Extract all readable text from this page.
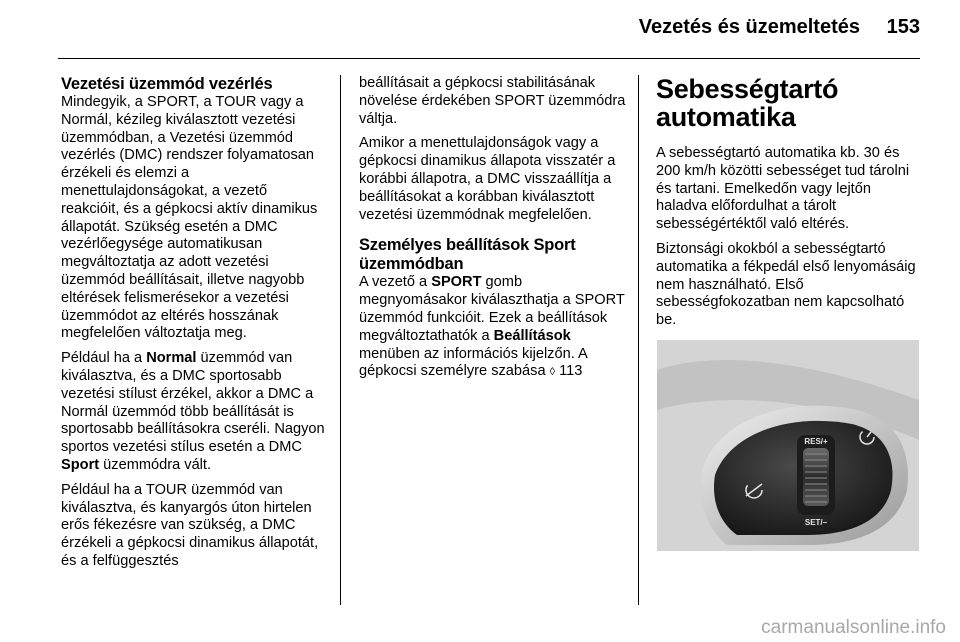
Vezetés és üzemeltetés	153
Vezetési üzemmód vezérlés

Mindegyik, a SPORT, a TOUR vagy a Normál, kézileg kiválasztott vezetési üzemmódban, a Vezetési üzemmód vezérlés (DMC) rendszer folyamatosan érzékeli és elemzi a menettulajdonságokat, a vezető reakcióit, és a gépkocsi aktív dinamikus állapotát. Szükség esetén a DMC vezérlőegysége automatikusan megváltoztatja az adott vezetési üzemmód beállításait, illetve nagyobb eltérések felismerésekor a vezetési üzemmódot az eltérés hosszának megfelelően változtatja meg.

Például ha a Normal üzemmód van kiválasztva, és a DMC sportosabb vezetési stílust érzékel, akkor a DMC a Normál üzemmód több beállítását is sportosabb beállításokra cseréli. Nagyon sportos vezetési stílus esetén a DMC Sport üzemmódra vált.

Például ha a TOUR üzemmód van kiválasztva, és kanyargós úton hirtelen erős fékezésre van szükség, a DMC érzékeli a gépkocsi dinamikus állapotát, és a felfüggesztés

beállításait a gépkocsi stabilitásának növelése érdekében SPORT üzemmódra váltja.

Amikor a menettulajdonságok vagy a gépkocsi dinamikus állapota visszatér a korábbi állapotra, a DMC visszaállítja a beállításokat a korábban kiválasztott vezetési üzemmódnak megfelelően.

Személyes beállítások Sport üzemmódban

A vezető a SPORT gomb megnyomásakor kiválaszthatja a SPORT üzemmód funkcióit. Ezek a beállítások megváltoztathatók a Beállítások menüben az információs kijelzőn. A gépkocsi személyre szabása ◊ 113

Sebességtartó automatika

A sebességtartó automatika kb. 30 és 200 km/h közötti sebességet tud tárolni és tartani. Emelkedőn vagy lejtőn haladva előfordulhat a tárolt sebességértéktől való eltérés.

Biztonsági okokból a sebességtartó automatika a fékpedál első lenyomásáig nem használható. Első sebességfokozatban nem kapcsolható be.

RES/+
SET/–
carmanualsonline.info
